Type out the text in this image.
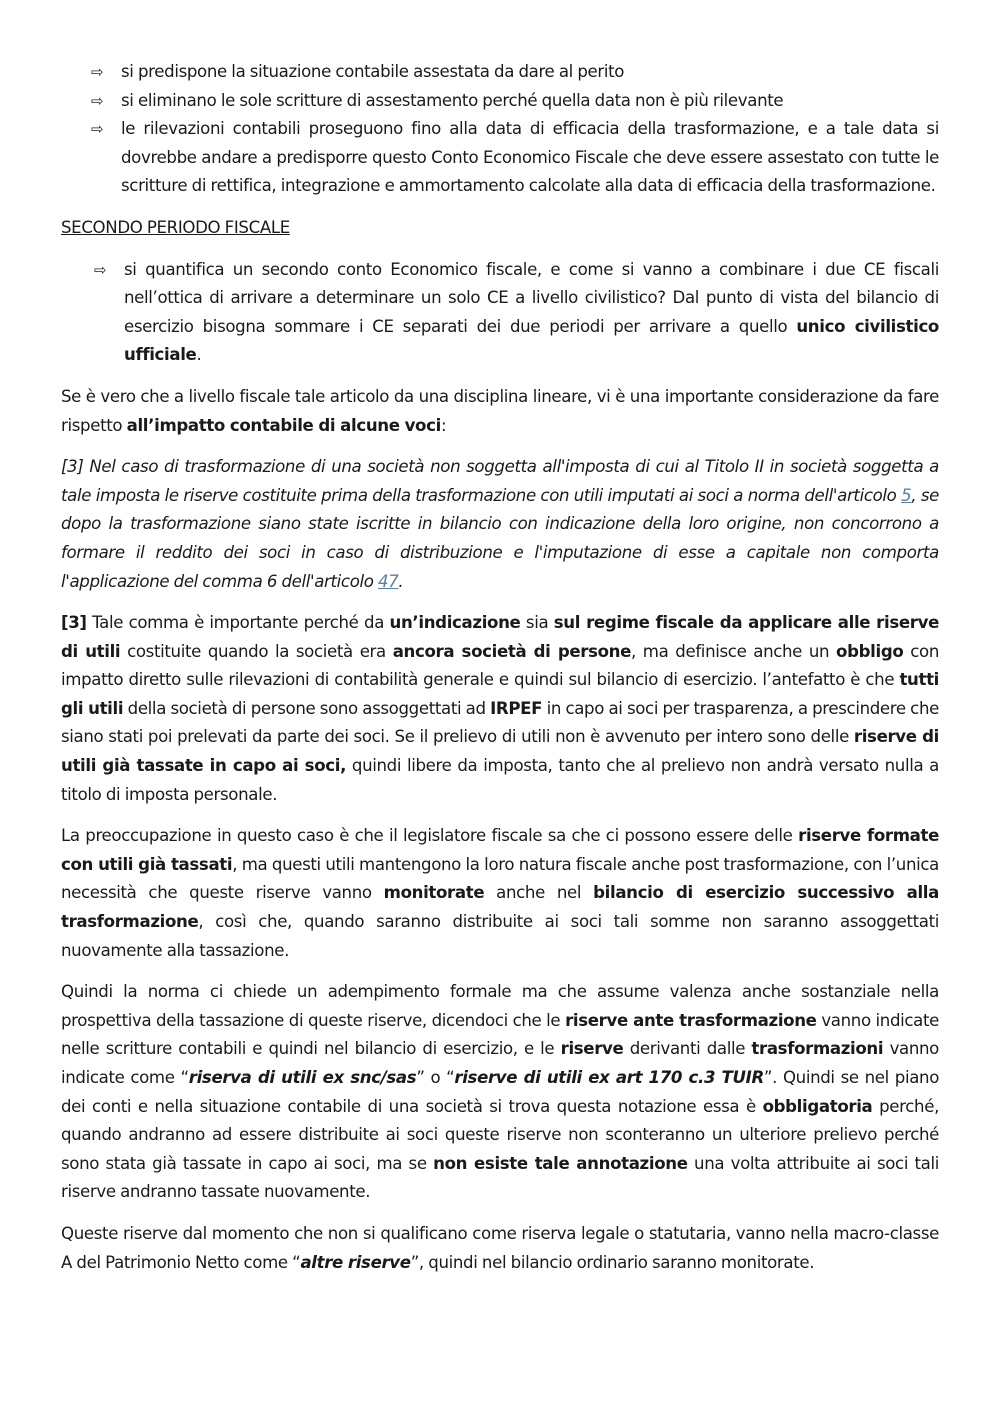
⇨ si predispone la situazione contabile assestata da dare al perito
⇨ si eliminano le sole scritture di assestamento perché quella data non è più rilevante
⇨ le rilevazioni contabili proseguono fino alla data di efficacia della trasformazione, e a tale data si dovrebbe andare a predisporre questo Conto Economico Fiscale che deve essere assestato con tutte le scritture di rettifica, integrazione e ammortamento calcolate alla data di efficacia della trasformazione.
SECONDO PERIODO FISCALE
⇨ si quantifica un secondo conto Economico fiscale, e come si vanno a combinare i due CE fiscali nell’ottica di arrivare a determinare un solo CE a livello civilistico? Dal punto di vista del bilancio di esercizio bisogna sommare i CE separati dei due periodi per arrivare a quello unico civilistico ufficiale.

Se è vero che a livello fiscale tale articolo da una disciplina lineare, vi è una importante considerazione da fare rispetto all’impatto contabile di alcune voci:

[3] Nel caso di trasformazione di una società non soggetta all'imposta di cui al Titolo II in società soggetta a tale imposta le riserve costituite prima della trasformazione con utili imputati ai soci a norma dell'articolo 5, se dopo la trasformazione siano state iscritte in bilancio con indicazione della loro origine, non concorrono a formare il reddito dei soci in caso di distribuzione e l'imputazione di esse a capitale non comporta l'applicazione del comma 6 dell'articolo 47.

[3] Tale comma è importante perché da un’indicazione sia sul regime fiscale da applicare alle riserve di utili costituite quando la società era ancora società di persone, ma definisce anche un obbligo con impatto diretto sulle rilevazioni di contabilità generale e quindi sul bilancio di esercizio. l’antefatto è che tutti gli utili della società di persone sono assoggettati ad IRPEF in capo ai soci per trasparenza, a prescindere che siano stati poi prelevati da parte dei soci. Se il prelievo di utili non è avvenuto per intero sono delle riserve di utili già tassate in capo ai soci, quindi libere da imposta, tanto che al prelievo non andrà versato nulla a titolo di imposta personale.

La preoccupazione in questo caso è che il legislatore fiscale sa che ci possono essere delle riserve formate con utili già tassati, ma questi utili mantengono la loro natura fiscale anche post trasformazione, con l’unica necessità che queste riserve vanno monitorate anche nel bilancio di esercizio successivo alla trasformazione, così che, quando saranno distribuite ai soci tali somme non saranno assoggettati nuovamente alla tassazione.

Quindi la norma ci chiede un adempimento formale ma che assume valenza anche sostanziale nella prospettiva della tassazione di queste riserve, dicendoci che le riserve ante trasformazione vanno indicate nelle scritture contabili e quindi nel bilancio di esercizio, e le riserve derivanti dalle trasformazioni vanno indicate come “riserva di utili ex snc/sas” o “riserve di utili ex art 170 c.3 TUIR”. Quindi se nel piano dei conti e nella situazione contabile di una società si trova questa notazione essa è obbligatoria perché, quando andranno ad essere distribuite ai soci queste riserve non sconteranno un ulteriore prelievo perché sono stata già tassate in capo ai soci, ma se non esiste tale annotazione una volta attribuite ai soci tali riserve andranno tassate nuovamente.

Queste riserve dal momento che non si qualificano come riserva legale o statutaria, vanno nella macro-classe A del Patrimonio Netto come “altre riserve”, quindi nel bilancio ordinario saranno monitorate.
